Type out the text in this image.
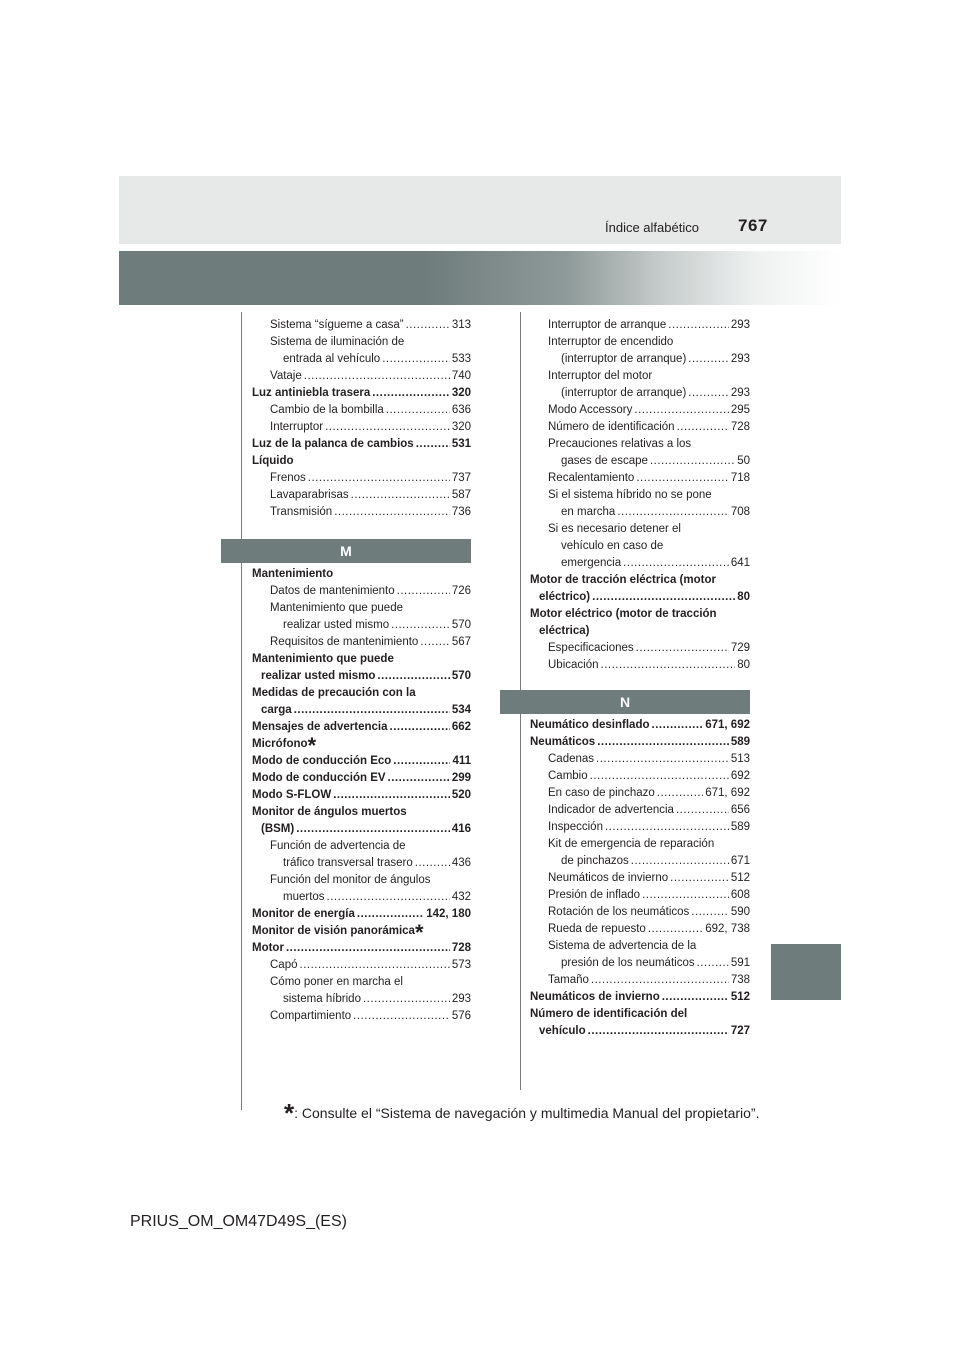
Índice alfabético 767
Sistema “sígueme a casa” .....	313
Sistema de iluminación de
entrada al vehículo .....	533
Vataje .....	740
Luz antiniebla trasera .....	320
Cambio de la bombilla .....	636
Interruptor .....	320
Luz de la palanca de cambios .....	531
Líquido
Frenos .....	737
Lavaparabrisas .....	587
Transmisión .....	736
M
Mantenimiento
Datos de mantenimiento .....	726
Mantenimiento que puede
realizar usted mismo .....	570
Requisitos de mantenimiento .....	567
Mantenimiento que puede
realizar usted mismo .....	570
Medidas de precaución con la
carga .....	534
Mensajes de advertencia .....	662
Micrófono *
Modo de conducción Eco .....	411
Modo de conducción EV .....	299
Modo S-FLOW .....	520
Monitor de ángulos muertos
(BSM) .....	416
Función de advertencia de
tráfico transversal trasero .....	436
Función del monitor de ángulos
muertos .....	432
Monitor de energía .....	142, 180
Monitor de visión panorámica *
Motor .....	728
Capó .....	573
Cómo poner en marcha el
sistema híbrido .....	293
Compartimiento .....	576
Interruptor de arranque .....	293
Interruptor de encendido
(interruptor de arranque) .....	293
Interruptor del motor
(interruptor de arranque) .....	293
Modo Accessory .....	295
Número de identificación .....	728
Precauciones relativas a los
gases de escape .....	50
Recalentamiento .....	718
Si el sistema híbrido no se pone
en marcha .....	708
Si es necesario detener el
vehículo en caso de
emergencia .....	641
Motor de tracción eléctrica (motor
eléctrico) .....	80
Motor eléctrico (motor de tracción
eléctrica)
Especificaciones .....	729
Ubicación .....	80
N
Neumático desinflado .....	671, 692
Neumáticos .....	589
Cadenas .....	513
Cambio .....	692
En caso de pinchazo .....	671, 692
Indicador de advertencia .....	656
Inspección .....	589
Kit de emergencia de reparación
de pinchazos .....	671
Neumáticos de invierno .....	512
Presión de inflado .....	608
Rotación de los neumáticos .....	590
Rueda de repuesto .....	692, 738
Sistema de advertencia de la
presión de los neumáticos .....	591
Tamaño .....	738
Neumáticos de invierno .....	512
Número de identificación del
vehículo .....	727
*: Consulte el “Sistema de navegación y multimedia Manual del propietario”.
PRIUS_OM_OM47D49S_(ES)
